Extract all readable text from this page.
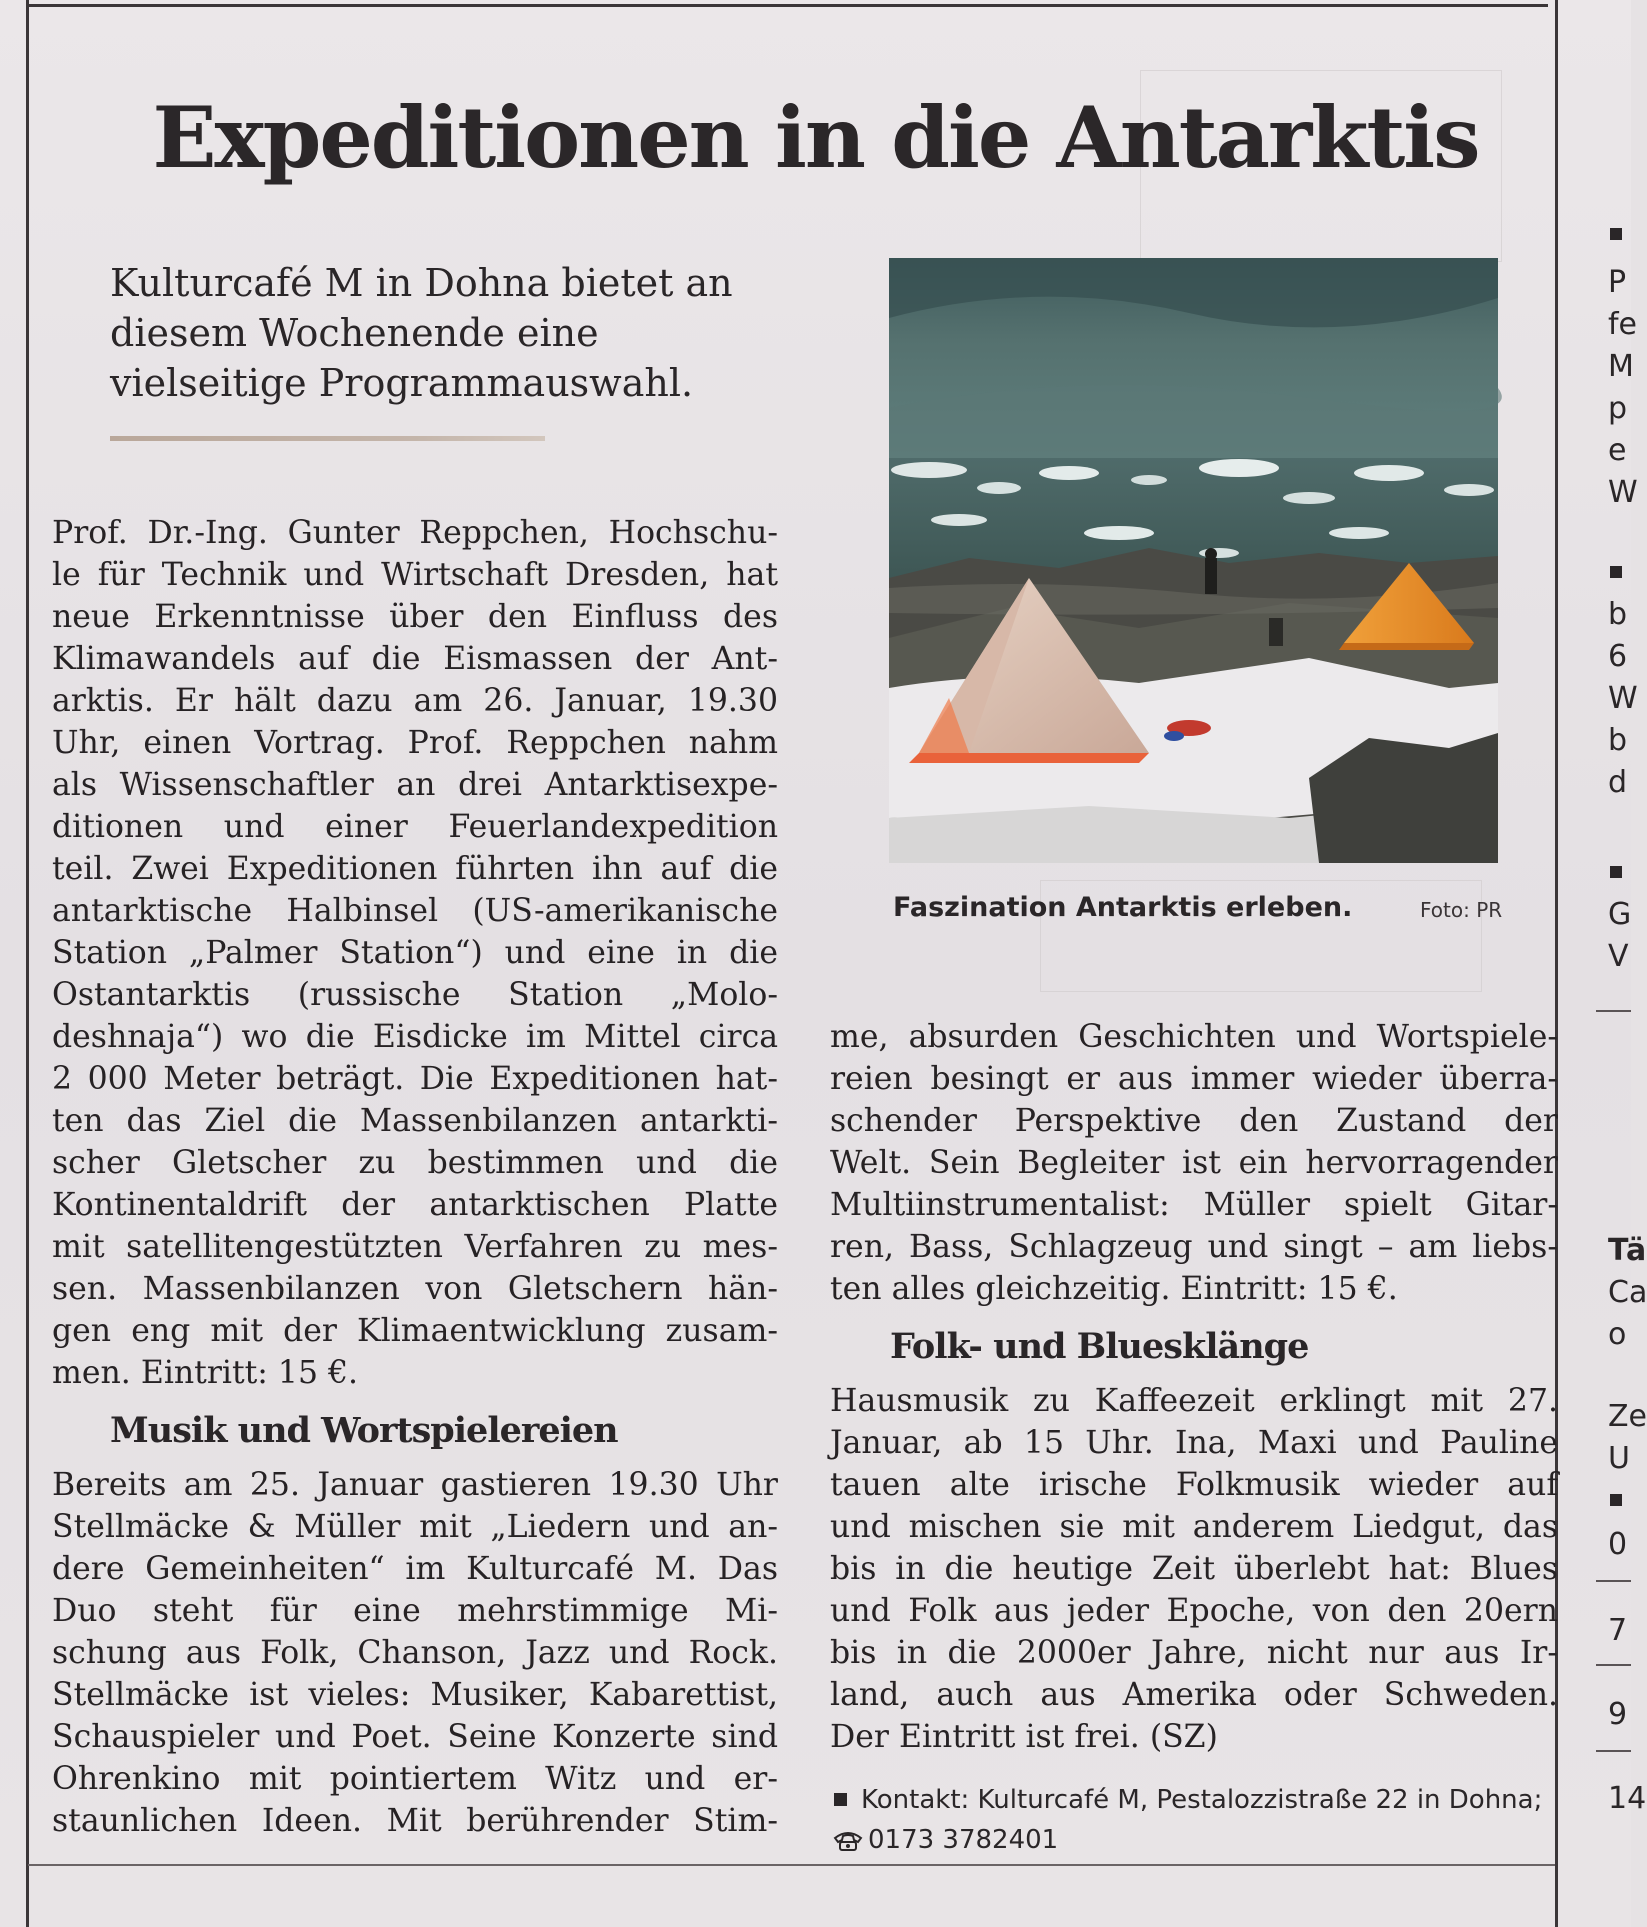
Expeditionen in die Antarktis
Kulturcafé M in Dohna bietet an
diesem Wochenende eine
vielseitige Programmauswahl.
Faszination Antarktis erleben.	Foto: PR
Prof. Dr.-Ing. Gunter Reppchen, Hochschu-
le für Technik und Wirtschaft Dresden, hat
neue Erkenntnisse über den Einfluss des
Klimawandels auf die Eismassen der Ant-
arktis. Er hält dazu am 26. Januar, 19.30
Uhr, einen Vortrag. Prof. Reppchen nahm
als Wissenschaftler an drei Antarktisexpe-
ditionen und einer Feuerlandexpedition
teil. Zwei Expeditionen führten ihn auf die
antarktische Halbinsel (US-amerikanische
Station „Palmer Station“) und eine in die
Ostantarktis (russische Station „Molo-
deshnaja“) wo die Eisdicke im Mittel circa
2 000 Meter beträgt. Die Expeditionen hat-
ten das Ziel die Massenbilanzen antarkti-
scher Gletscher zu bestimmen und die
Kontinentaldrift der antarktischen Platte
mit satellitengestützten Verfahren zu mes-
sen. Massenbilanzen von Gletschern hän-
gen eng mit der Klimaentwicklung zusam-
men. Eintritt: 15 €.
Musik und Wortspielereien
Bereits am 25. Januar gastieren 19.30 Uhr
Stellmäcke & Müller mit „Liedern und an-
dere Gemeinheiten“ im Kulturcafé M. Das
Duo steht für eine mehrstimmige Mi-
schung aus Folk, Chanson, Jazz und Rock.
Stellmäcke ist vieles: Musiker, Kabarettist,
Schauspieler und Poet. Seine Konzerte sind
Ohrenkino mit pointiertem Witz und er-
staunlichen Ideen. Mit berührender Stim-
me, absurden Geschichten und Wortspiele-
reien besingt er aus immer wieder überra-
schender Perspektive den Zustand der
Welt. Sein Begleiter ist ein hervorragender
Multiinstrumentalist: Müller spielt Gitar-
ren, Bass, Schlagzeug und singt – am liebs-
ten alles gleichzeitig. Eintritt: 15 €.
Folk- und Bluesklänge
Hausmusik zu Kaffeezeit erklingt mit 27.
Januar, ab 15 Uhr. Ina, Maxi und Pauline
tauen alte irische Folkmusik wieder auf
und mischen sie mit anderem Liedgut, das
bis in die heutige Zeit überlebt hat: Blues
und Folk aus jeder Epoche, von den 20ern
bis in die 2000er Jahre, nicht nur aus Ir-
land, auch aus Amerika oder Schweden.
Der Eintritt ist frei. (SZ)
Kontakt: Kulturcafé M, Pestalozzistraße 22 in Dohna;
0173 3782401
P
fe
M
p
e
W
b
6
W
b
d
G
V
Tä
Ca
o
Ze
U
0
7
9
14
